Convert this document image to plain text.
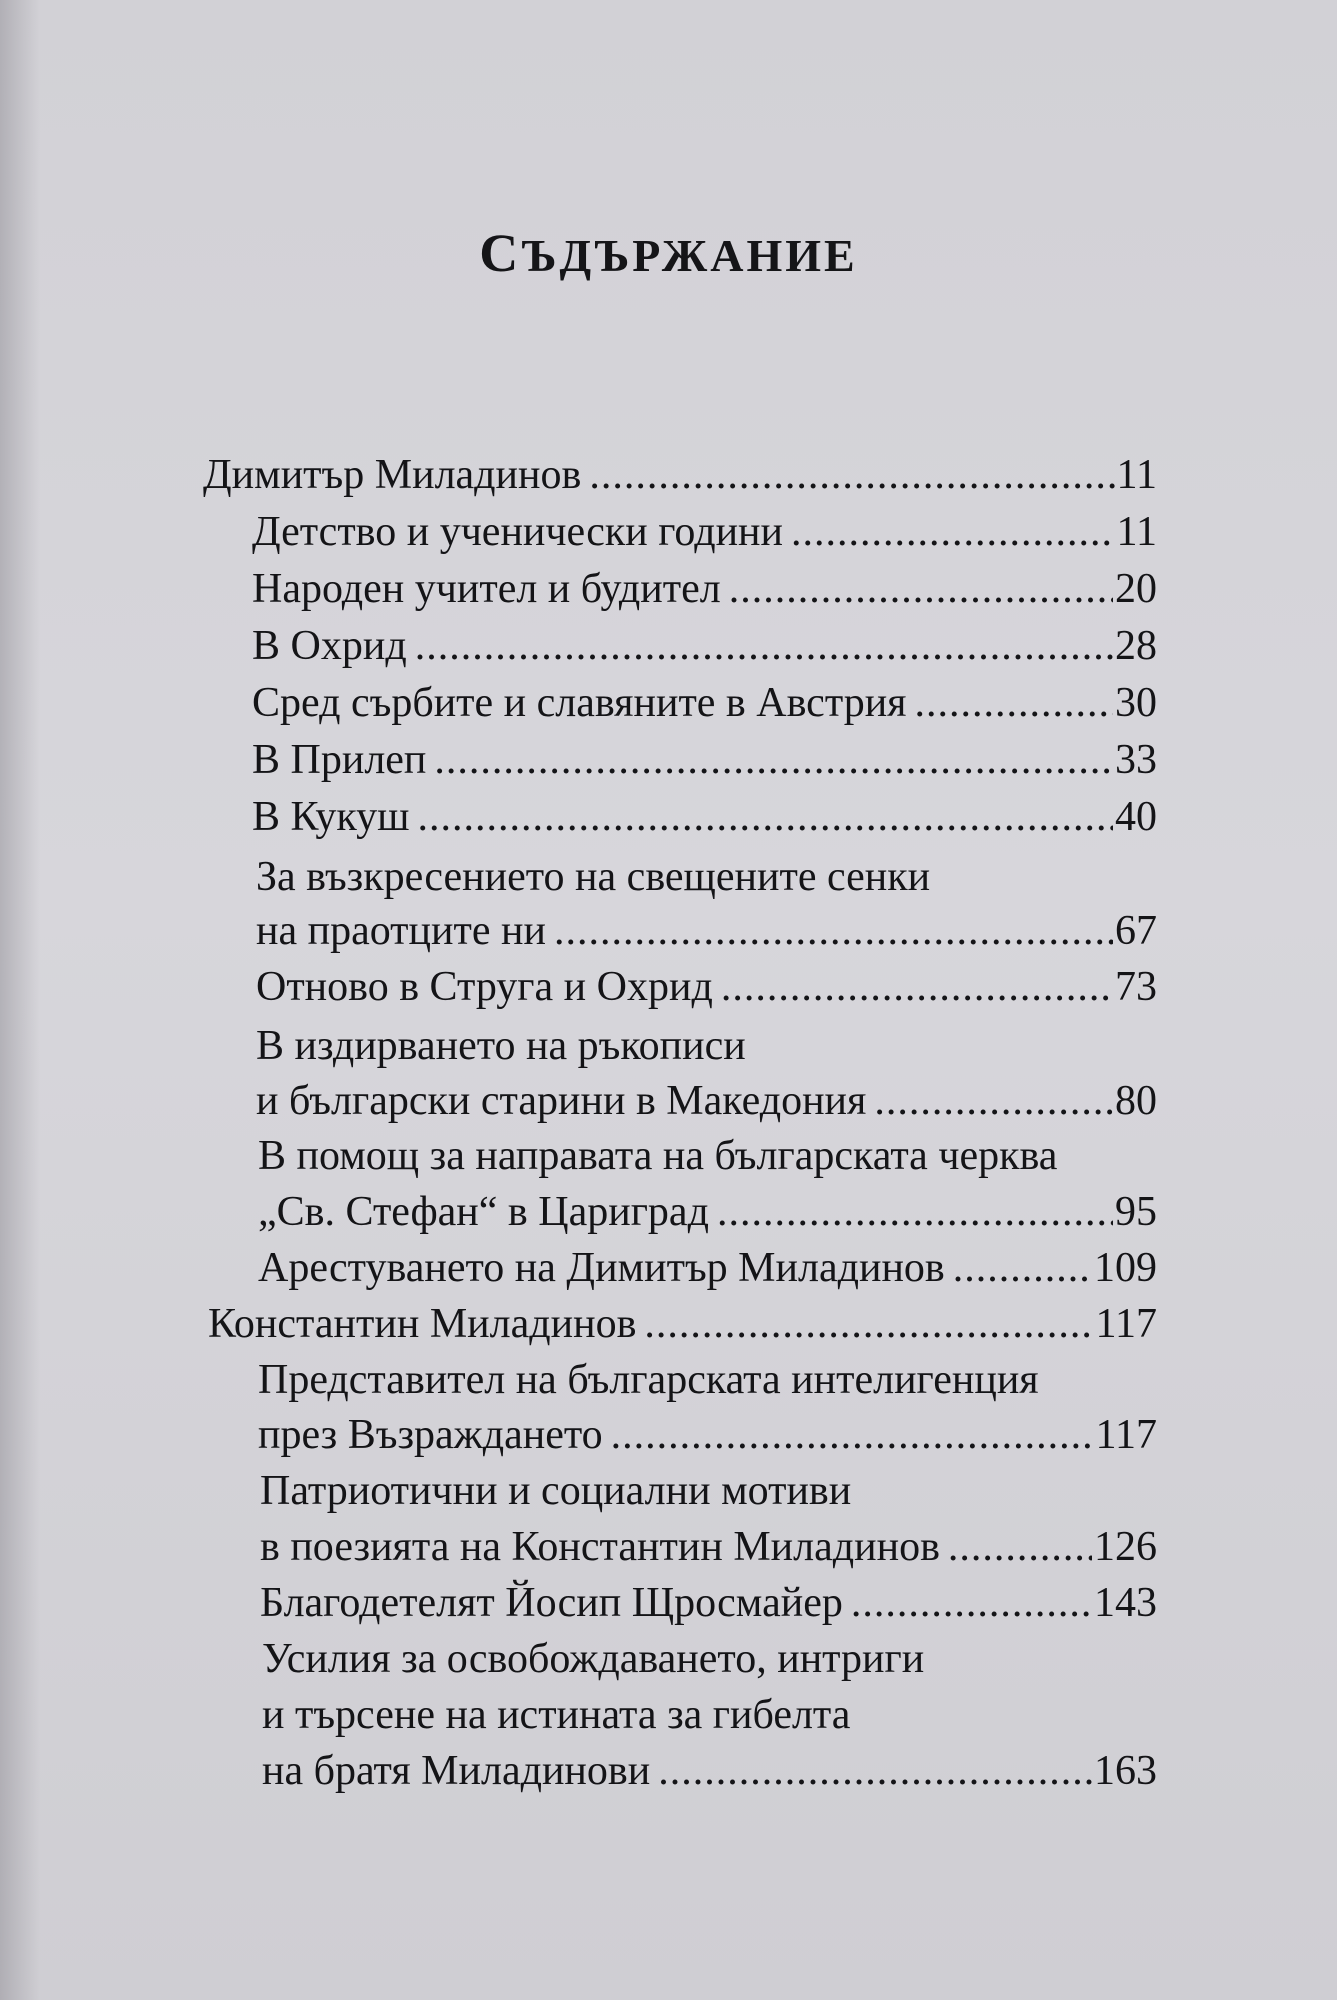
СЪДЪРЖАНИЕ
Димитър Миладинов .....	11
Детство и ученически години .....	11
Народен учител и будител .....	20
В Охрид .....	28
Сред сърбите и славяните в Австрия .....	30
В Прилеп .....	33
В Кукуш .....	40
За възкресението на свещените сенки
на праотците ни .....	67
Отново в Струга и Охрид .....	73
В издирването на ръкописи
и български старини в Македония .....	80
В помощ за направата на българската черква
„Св. Стефан“ в Цариград .....	95
Арестуването на Димитър Миладинов .....	109
Константин Миладинов .....	117
Представител на българската интелигенция
през Възраждането .....	117
Патриотични и социални мотиви
в поезията на Константин Миладинов .....	126
Благодетелят Йосип Щросмайер .....	143
Усилия за освобождаването, интриги
и търсене на истината за гибелта
на братя Миладинови .....	163
